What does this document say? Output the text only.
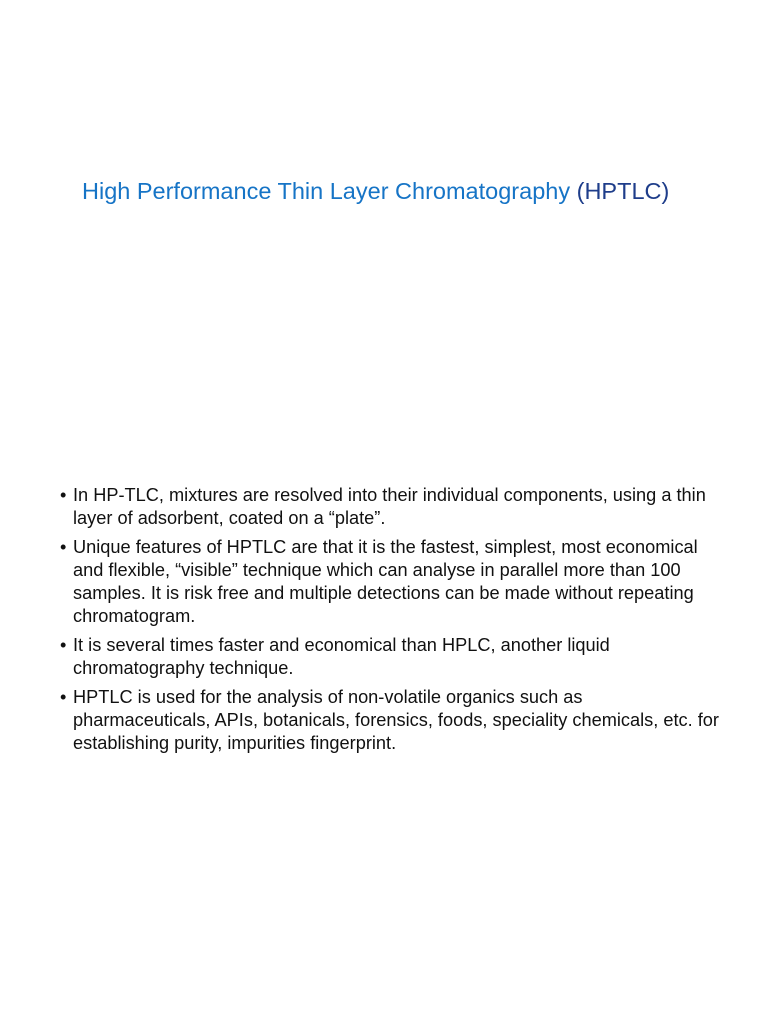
High Performance Thin Layer Chromatography (HPTLC)
• In HP-TLC, mixtures are resolved into their individual components, using a thin layer of adsorbent, coated on a “plate”.
• Unique features of HPTLC are that it is the fastest, simplest, most economical and flexible, “visible” technique which can analyse in parallel more than 100 samples. It is risk free and multiple detections can be made without repeating chromatogram.
• It is several times faster and economical than HPLC, another liquid chromatography technique.
• HPTLC is used for the analysis of non-volatile organics such as pharmaceuticals, APIs, botanicals, forensics, foods, speciality chemicals, etc. for establishing purity, impurities fingerprint.
